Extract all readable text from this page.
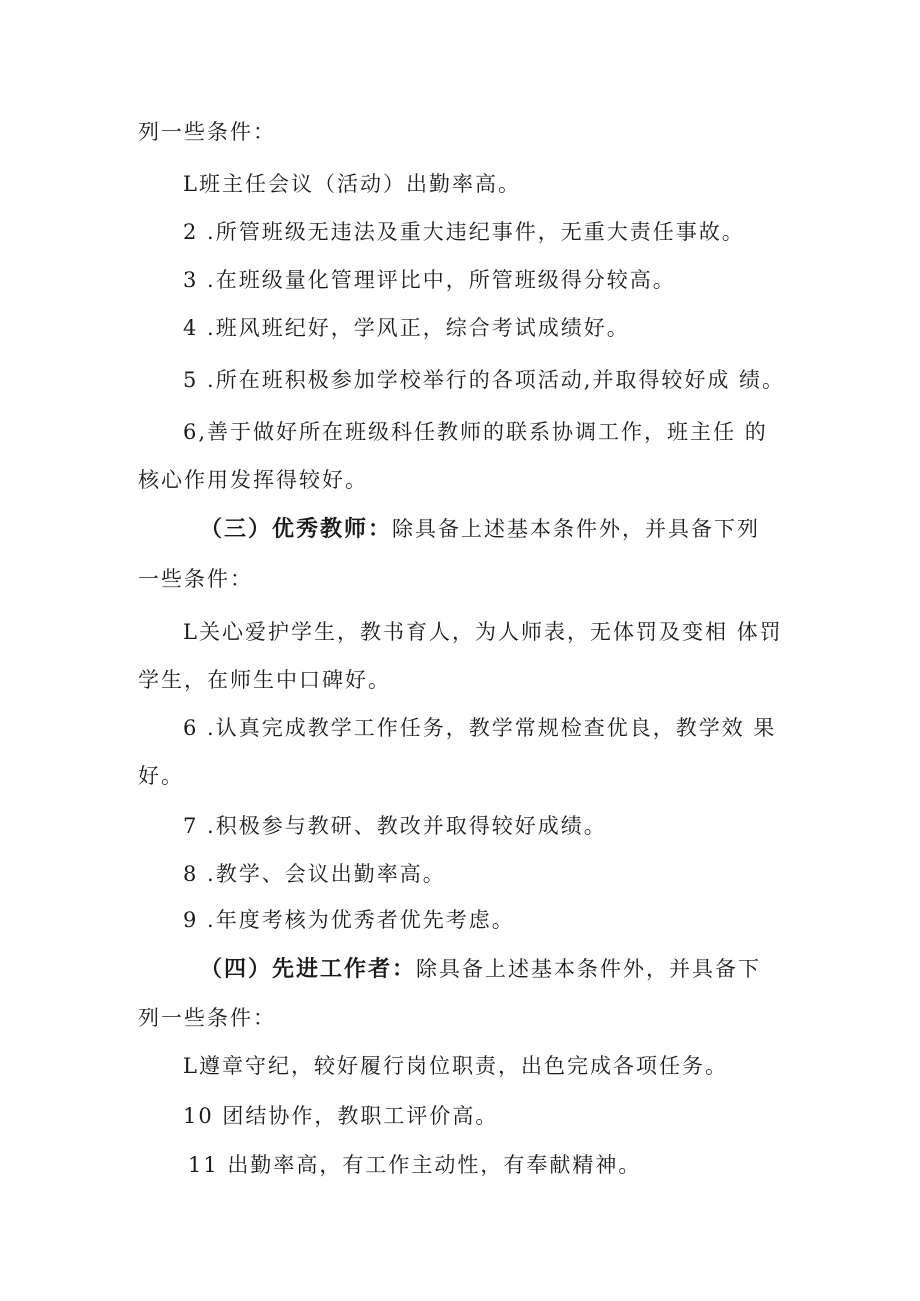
列一些条件：
L班主任会议（活动）出勤率高。
2 .所管班级无违法及重大违纪事件，无重大责任事故。
3 .在班级量化管理评比中，所管班级得分较高。
4 .班风班纪好，学风正，综合考试成绩好。
5 .所在班积极参加学校举行的各项活动,并取得较好成 绩。
6,善于做好所在班级科任教师的联系协调工作，班主任 的
核心作用发挥得较好。
（三）优秀教师：除具备上述基本条件外，并具备下列
一些条件：
L关心爱护学生，教书育人，为人师表，无体罚及变相 体罚
学生，在师生中口碑好。
6 .认真完成教学工作任务，教学常规检查优良，教学效 果
好。
7 .积极参与教研、教改并取得较好成绩。
8 .教学、会议出勤率高。
9 .年度考核为优秀者优先考虑。
（四）先进工作者：除具备上述基本条件外，并具备下
列一些条件：
L遵章守纪，较好履行岗位职责，出色完成各项任务。
10 团结协作，教职工评价高。
11 出勤率高，有工作主动性，有奉献精神。
